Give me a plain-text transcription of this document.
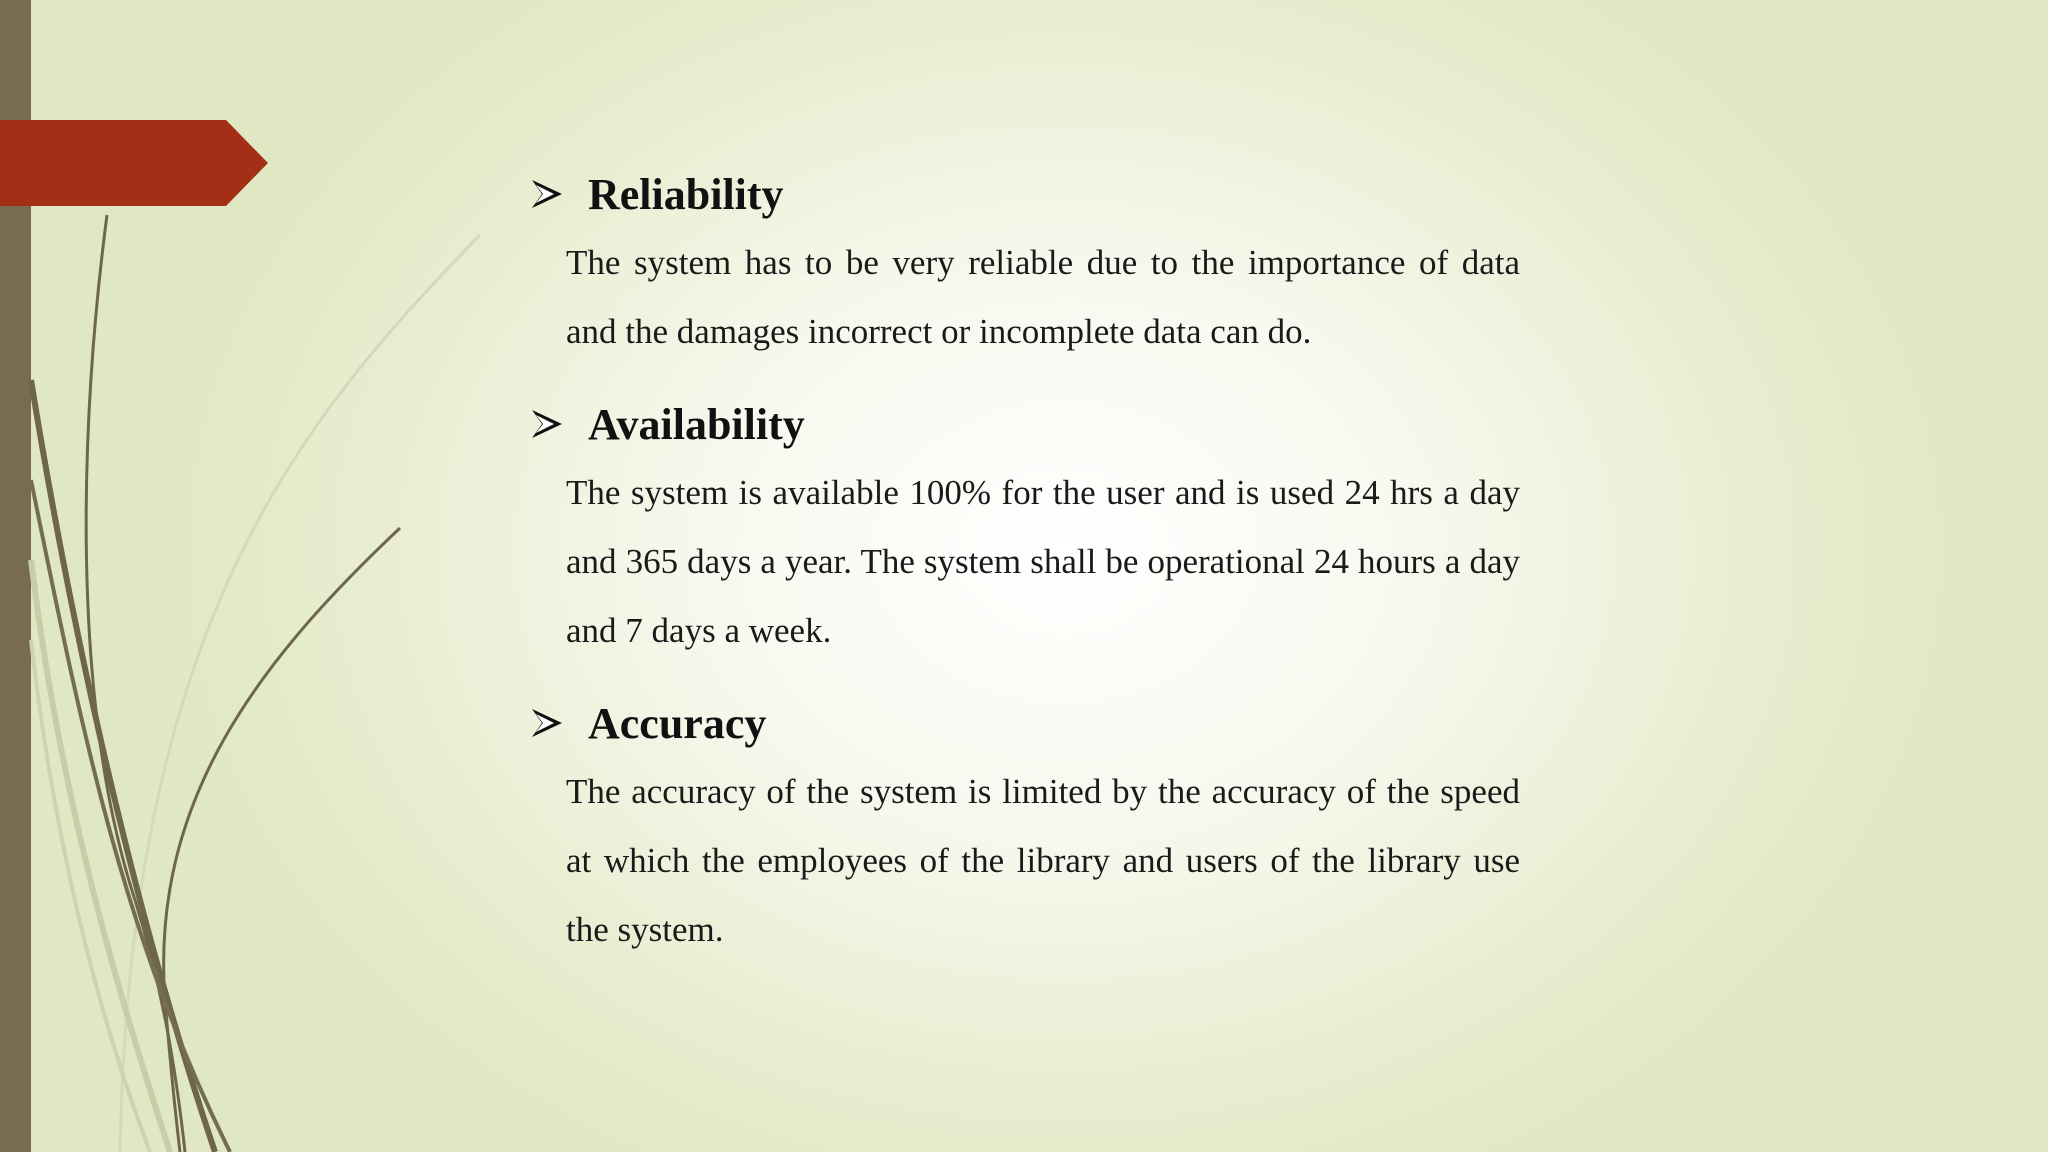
Reliability

The system has to be very reliable due to the importance of data and the damages incorrect or incomplete data can do.

Availability

The system is available 100% for the user and is used 24 hrs a day and 365 days a year. The system shall be operational 24 hours a day and 7 days a week.

Accuracy

The accuracy of the system is limited by the accuracy of the speed at which the employees of the library and users of the library use the system.
